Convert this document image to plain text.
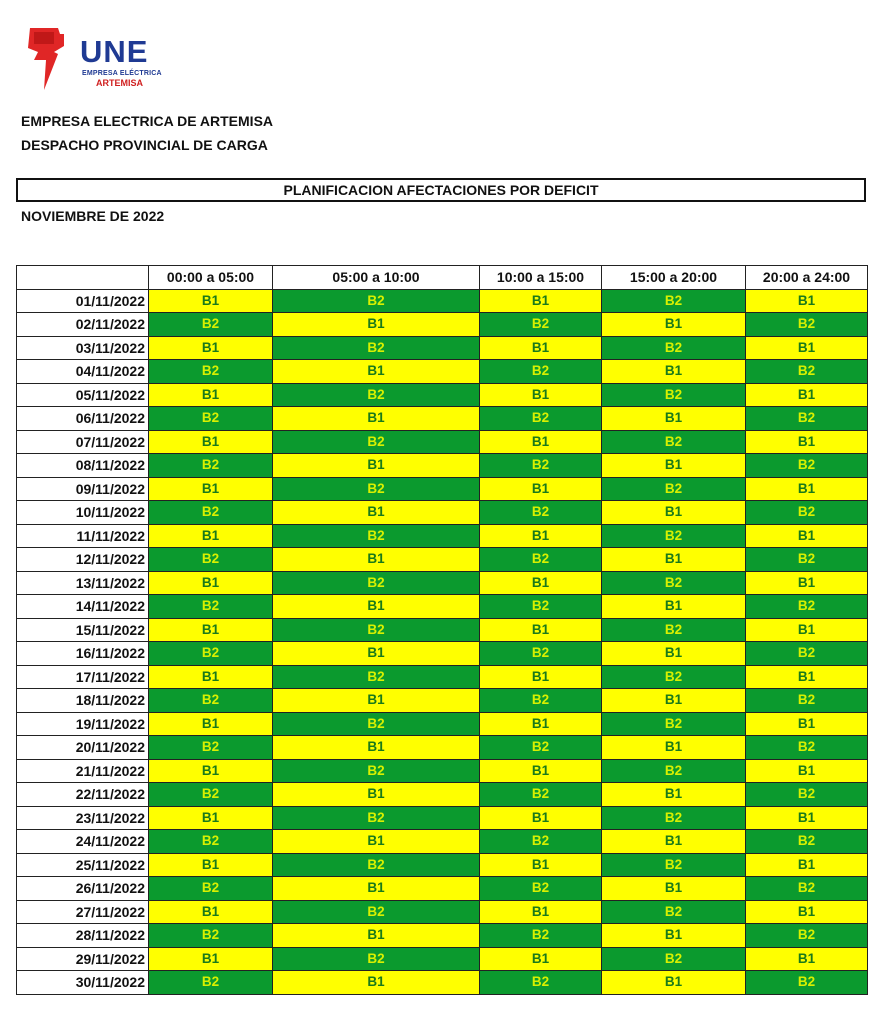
UNE
EMPRESA ELÉCTRICA
ARTEMISA
EMPRESA ELECTRICA DE ARTEMISA
DESPACHO PROVINCIAL DE CARGA
PLANIFICACION AFECTACIONES POR DEFICIT
NOVIEMBRE DE 2022
	00:00 a 05:00	05:00 a 10:00	10:00 a 15:00	15:00 a 20:00	20:00 a 24:00
01/11/2022	B1	B2	B1	B2	B1
02/11/2022	B2	B1	B2	B1	B2
03/11/2022	B1	B2	B1	B2	B1
04/11/2022	B2	B1	B2	B1	B2
05/11/2022	B1	B2	B1	B2	B1
06/11/2022	B2	B1	B2	B1	B2
07/11/2022	B1	B2	B1	B2	B1
08/11/2022	B2	B1	B2	B1	B2
09/11/2022	B1	B2	B1	B2	B1
10/11/2022	B2	B1	B2	B1	B2
11/11/2022	B1	B2	B1	B2	B1
12/11/2022	B2	B1	B2	B1	B2
13/11/2022	B1	B2	B1	B2	B1
14/11/2022	B2	B1	B2	B1	B2
15/11/2022	B1	B2	B1	B2	B1
16/11/2022	B2	B1	B2	B1	B2
17/11/2022	B1	B2	B1	B2	B1
18/11/2022	B2	B1	B2	B1	B2
19/11/2022	B1	B2	B1	B2	B1
20/11/2022	B2	B1	B2	B1	B2
21/11/2022	B1	B2	B1	B2	B1
22/11/2022	B2	B1	B2	B1	B2
23/11/2022	B1	B2	B1	B2	B1
24/11/2022	B2	B1	B2	B1	B2
25/11/2022	B1	B2	B1	B2	B1
26/11/2022	B2	B1	B2	B1	B2
27/11/2022	B1	B2	B1	B2	B1
28/11/2022	B2	B1	B2	B1	B2
29/11/2022	B1	B2	B1	B2	B1
30/11/2022	B2	B1	B2	B1	B2
